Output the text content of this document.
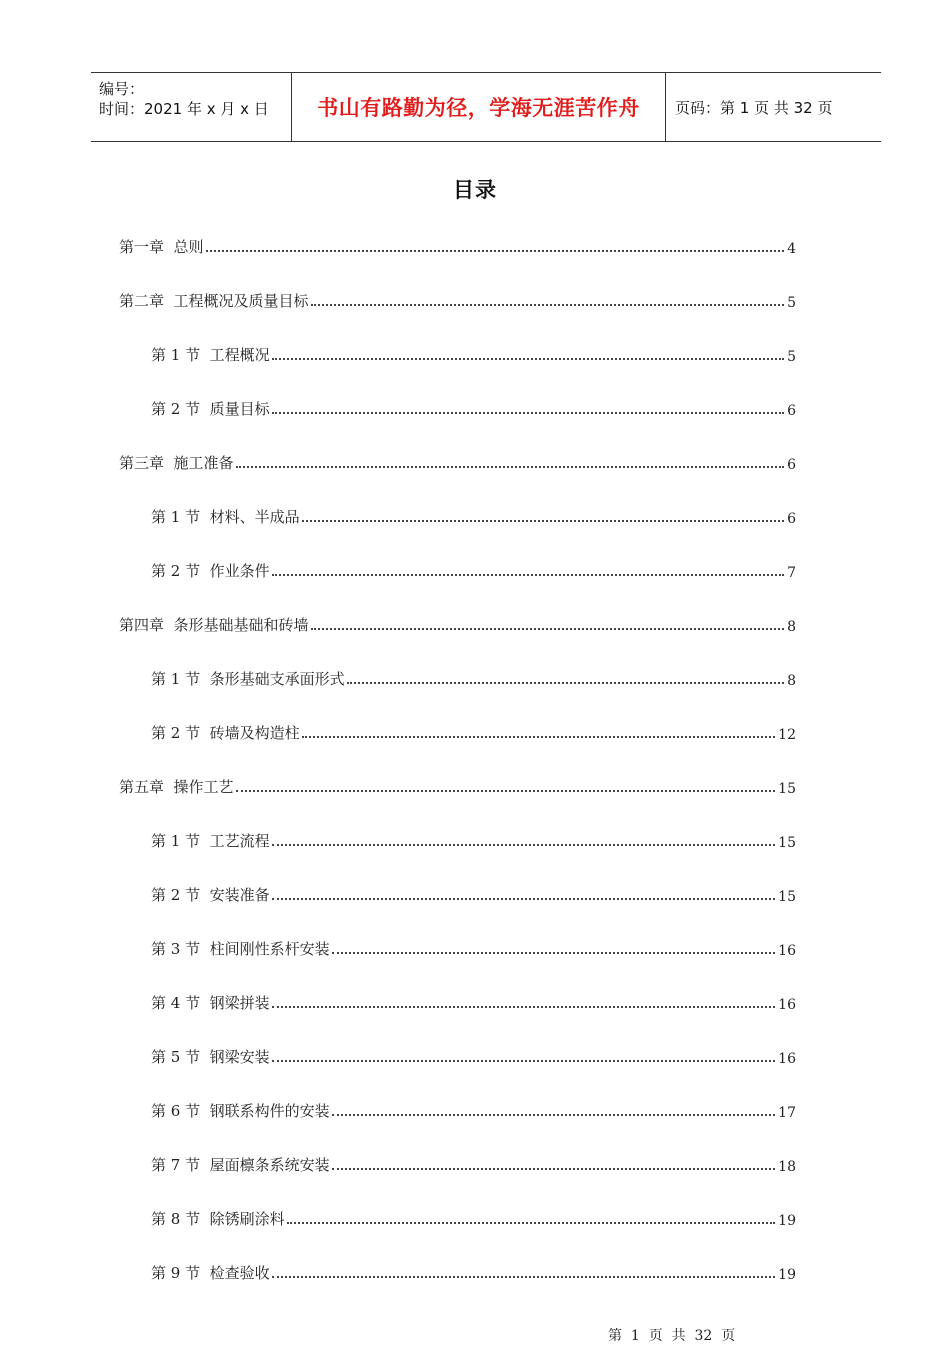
编号：
时间：2021 年 x 月 x 日	书山有路勤为径，学海无涯苦作舟	页码：第 1 页 共 32 页
目录
第一章  总则	4
第二章  工程概况及质量目标	5
第 1 节  工程概况	5
第 2 节  质量目标	6
第三章  施工准备	6
第 1 节  材料、半成品	6
第 2 节  作业条件	7
第四章  条形基础基础和砖墙	8
第 1 节  条形基础支承面形式	8
第 2 节  砖墙及构造柱	12
第五章  操作工艺	15
第 1 节  工艺流程	15
第 2 节  安装准备	15
第 3 节  柱间刚性系杆安装	16
第 4 节  钢梁拼装	16
第 5 节  钢梁安装	16
第 6 节  钢联系构件的安装	17
第 7 节  屋面檩条系统安装	18
第 8 节  除锈刷涂料	19
第 9 节  检查验收	19
第  1  页  共  32  页
